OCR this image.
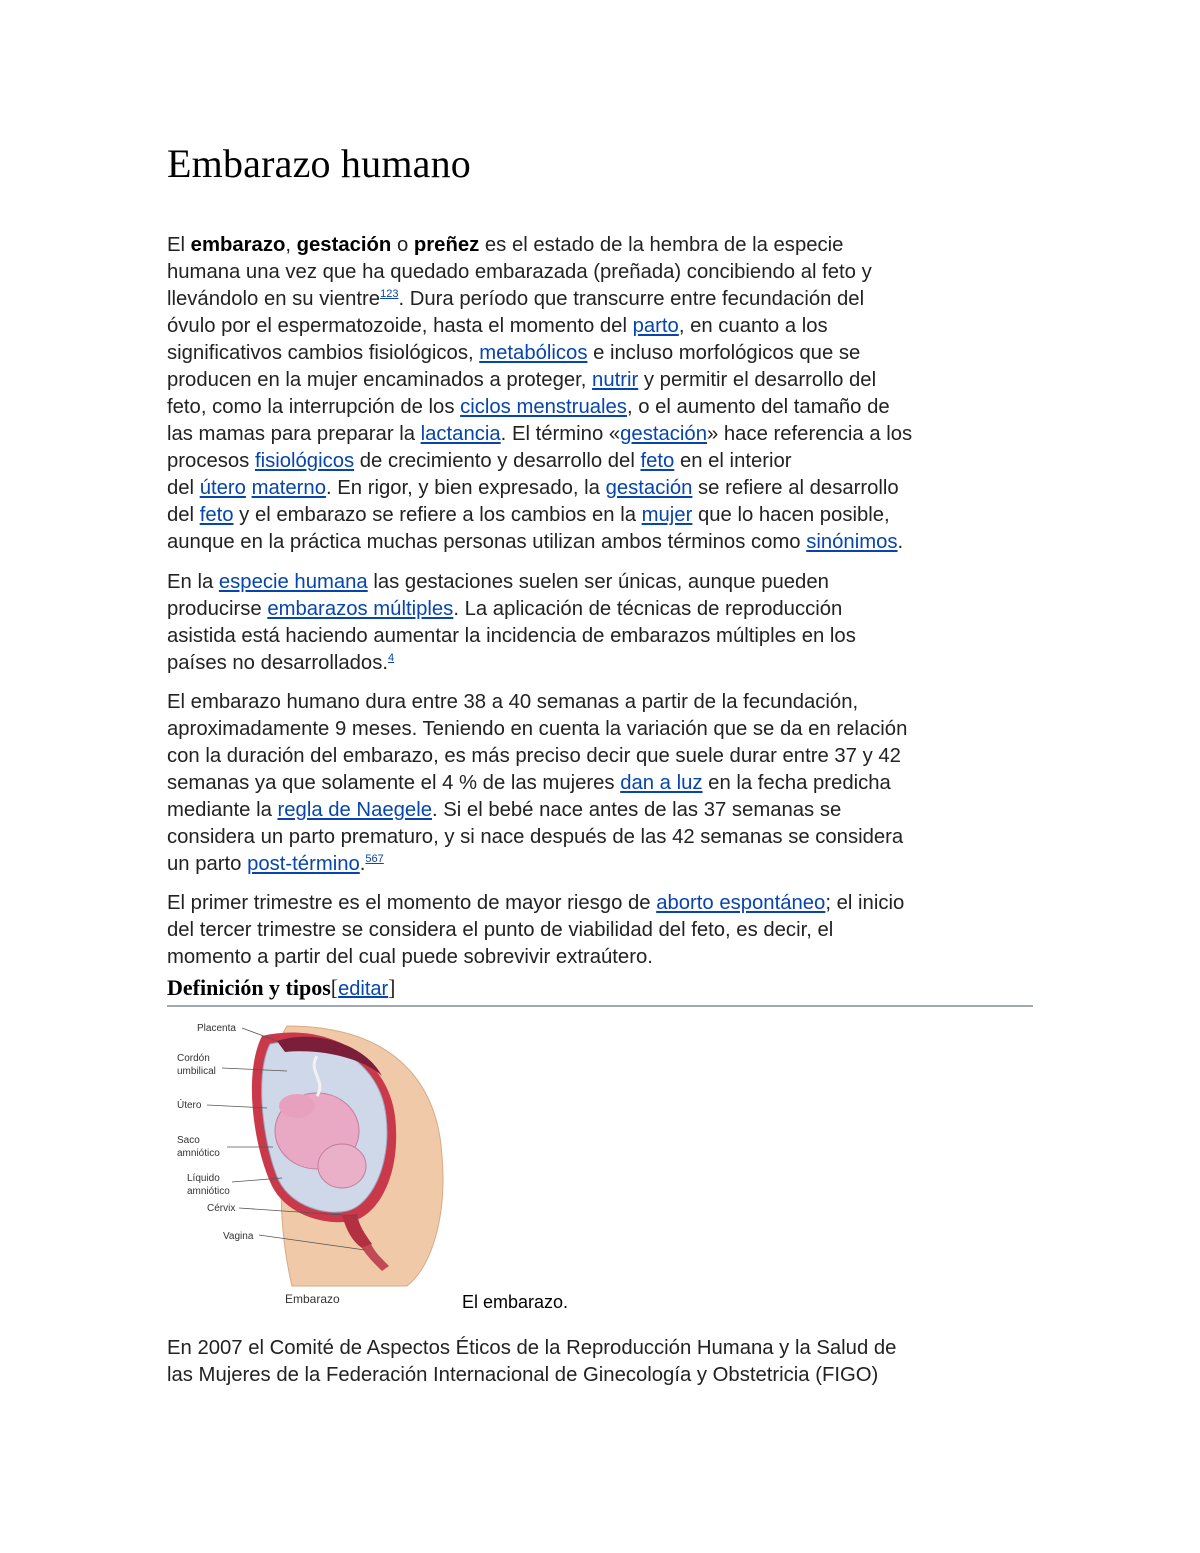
Embarazo humano

El embarazo, gestación o preñez es el estado de la hembra de la especie
humana una vez que ha quedado embarazada (preñada) concibiendo al feto y
llevándolo en su vientre$^{123}$. Dura período que transcurre entre fecundación del
óvulo por el espermatozoide, hasta el momento del parto, en cuanto a los
significativos cambios fisiológicos, metabólicos e incluso morfológicos que se
producen en la mujer encaminados a proteger, nutrir y permitir el desarrollo del
feto, como la interrupción de los ciclos menstruales, o el aumento del tamaño de
las mamas para preparar la lactancia. El término «gestación» hace referencia a los
procesos fisiológicos de crecimiento y desarrollo del feto en el interior
del útero materno. En rigor, y bien expresado, la gestación se refiere al desarrollo
del feto y el embarazo se refiere a los cambios en la mujer que lo hacen posible,
aunque en la práctica muchas personas utilizan ambos términos como sinónimos.

En la especie humana las gestaciones suelen ser únicas, aunque pueden
producirse embarazos múltiples. La aplicación de técnicas de reproducción
asistida está haciendo aumentar la incidencia de embarazos múltiples en los
países no desarrollados.$^4$

El embarazo humano dura entre 38 a 40 semanas a partir de la fecundación,
aproximadamente 9 meses. Teniendo en cuenta la variación que se da en relación
con la duración del embarazo, es más preciso decir que suele durar entre 37 y 42
semanas ya que solamente el 4 % de las mujeres dan a luz en la fecha predicha
mediante la regla de Naegele. Si el bebé nace antes de las 37 semanas se
considera un parto prematuro, y si nace después de las 42 semanas se considera
un parto post-término.$^{567}$

El primer trimestre es el momento de mayor riesgo de aborto espontáneo; el inicio
del tercer trimestre se considera el punto de viabilidad del feto, es decir, el
momento a partir del cual puede sobrevivir extraútero.

Definición y tipos[editar]
Placenta
Cordón
umbilical
Útero
Saco
amniótico
Líquido
amniótico
Cérvix
Vagina
Embarazo	El embarazo.

En 2007 el Comité de Aspectos Éticos de la Reproducción Humana y la Salud de
las Mujeres de la Federación Internacional de Ginecología y Obstetricia (FIGO)
